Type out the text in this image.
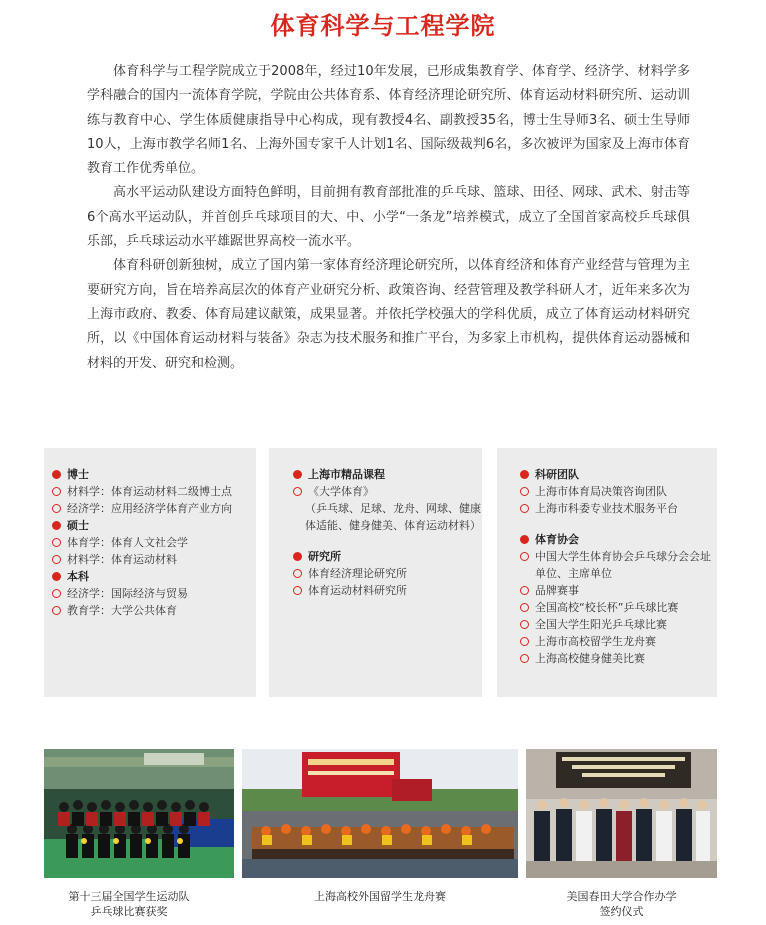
体育科学与工程学院

体育科学与工程学院成立于2008年，经过10年发展，已形成集教育学、体育学、经济学、材料学多学科融合的国内一流体育学院，学院由公共体育系、体育经济理论研究所、体育运动材料研究所、运动训练与教育中心、学生体质健康指导中心构成，现有教授4名、副教授35名，博士生导师3名、硕士生导师10人，上海市教学名师1名、上海外国专家千人计划1名、国际级裁判6名，多次被评为国家及上海市体育教育工作优秀单位。

高水平运动队建设方面特色鲜明，目前拥有教育部批准的乒乓球、篮球、田径、网球、武术、射击等6个高水平运动队，并首创乒乓球项目的大、中、小学“一条龙”培养模式，成立了全国首家高校乒乓球俱乐部，乒乓球运动水平雄踞世界高校一流水平。

体育科研创新独树，成立了国内第一家体育经济理论研究所，以体育经济和体育产业经营与管理为主要研究方向，旨在培养高层次的体育产业研究分析、政策咨询、经营管理及教学科研人才，近年来多次为上海市政府、教委、体育局建议献策，成果显著。并依托学校强大的学科优质，成立了体育运动材料研究所，以《中国体育运动材料与装备》杂志为技术服务和推广平台，为多家上市机构，提供体育运动器械和材料的开发、研究和检测。

博士
材料学：体育运动材料二级博士点
经济学：应用经济学体育产业方向
硕士
体育学：体育人文社会学
材料学：体育运动材料
本科
经济学：国际经济与贸易
教育学：大学公共体育
上海市精品课程
《大学体育》
（乒乓球、足球、龙舟、网球、健康体适能、健身健美、体育运动材料）
研究所
体育经济理论研究所
体育运动材料研究所
科研团队
上海市体育局决策咨询团队
上海市科委专业技术服务平台
体育协会
中国大学生体育协会乒乓球分会会址单位、主席单位
品牌赛事
全国高校“校长杯”乒乓球比赛
全国大学生阳光乒乓球比赛
上海市高校留学生龙舟赛
上海高校健身健美比赛
第十三届全国学生运动队
乒乓球比赛获奖
上海高校外国留学生龙舟赛	美国春田大学合作办学
签约仪式
